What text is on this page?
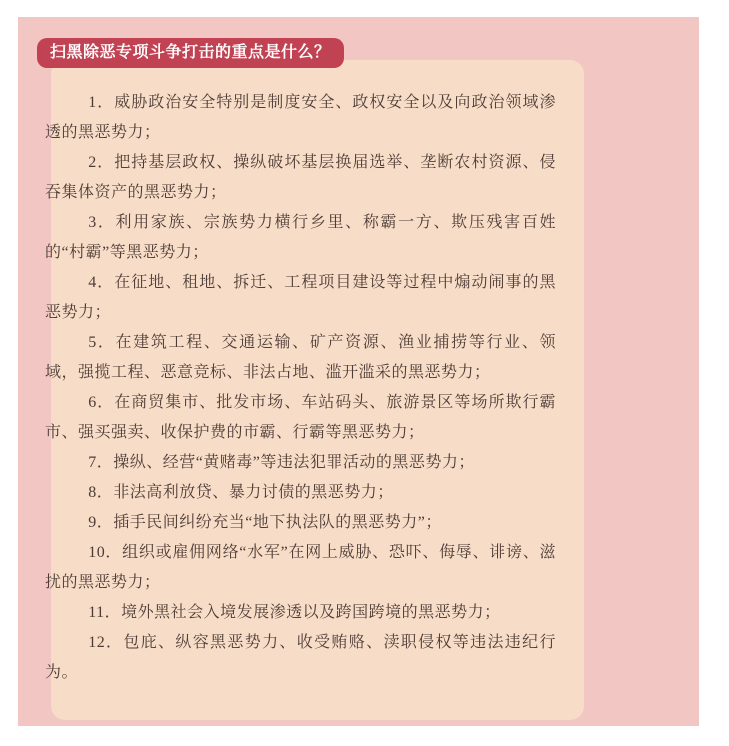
扫黑除恶专项斗争打击的重点是什么？

1．威胁政治安全特别是制度安全、政权安全以及向政治领域渗透的黑恶势力；

2．把持基层政权、操纵破坏基层换届选举、垄断农村资源、侵吞集体资产的黑恶势力；

3．利用家族、宗族势力横行乡里、称霸一方、欺压残害百姓的“村霸”等黑恶势力；

4．在征地、租地、拆迁、工程项目建设等过程中煽动闹事的黑恶势力；

5．在建筑工程、交通运输、矿产资源、渔业捕捞等行业、领域，强揽工程、恶意竞标、非法占地、滥开滥采的黑恶势力；

6．在商贸集市、批发市场、车站码头、旅游景区等场所欺行霸市、强买强卖、收保护费的市霸、行霸等黑恶势力；

7．操纵、经营“黄赌毒”等违法犯罪活动的黑恶势力；

8．非法高利放贷、暴力讨债的黑恶势力；

9．插手民间纠纷充当“地下执法队的黑恶势力”；

10．组织或雇佣网络“水军”在网上威胁、恐吓、侮辱、诽谤、滋扰的黑恶势力；

11．境外黑社会入境发展渗透以及跨国跨境的黑恶势力；

12．包庇、纵容黑恶势力、收受贿赂、渎职侵权等违法违纪行为。
